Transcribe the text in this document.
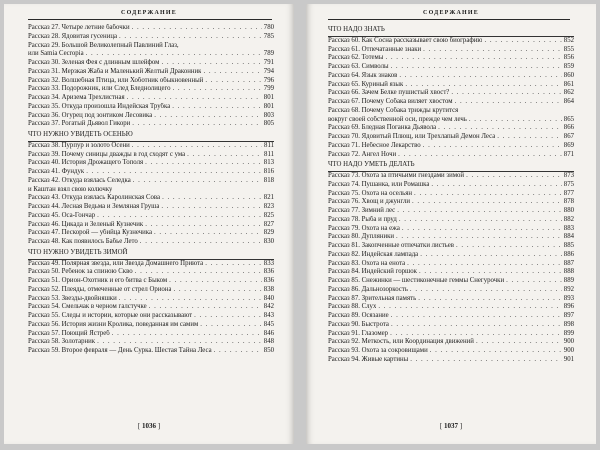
СОДЕРЖАНИЕ
Рассказ 27. Четыре летние бабочки . . .	780
Рассказ 28. Ядовитая гусеница . . .	785
Рассказ 29. Большой Великолепный Павлиний Глаз,
или Samia Cecropia . . .	789
Рассказ 30. Зеленая Фея с длинным шлейфом . . .	791
Рассказ 31. Мерзкая Жаба и Маленький Желтый Драконник . . .	794
Рассказ 32. Волшебная Птица, или Хоботник обыкновенный . . .	796
Рассказ 33. Подорожник, или След Бледнолицего . . .	799
Рассказ 34. Аризема Трехлистная . . .	801
Рассказ 35. Откуда произошла Индейская Трубка . . .	801
Рассказ 36. Огурец под зонтиком Лесовика . . .	803
Рассказ 37. Рогатый Дьявол Гикори . . .	805
ЧТО НУЖНО УВИДЕТЬ ОСЕНЬЮ
Рассказ 38. Пурпур и золото Осени . . .	811
Рассказ 39. Почему синицы дважды в год сходят с ума . . .	811
Рассказ 40. История Дрожащего Тополя . . .	813
Рассказ 41. Фундук . . .	816
Рассказ 42. Откуда взялась Селедка . . .	818
и Каштан взял свою колючку
Рассказ 43. Откуда взялась Каролинская Сова . . .	821
Рассказ 44. Лесная Ведьма и Земляная Груша . . .	823
Рассказ 45. Оса-Гончар . . .	825
Рассказ 46. Цикада и Зеленый Кузнечик . . .	827
Рассказ 47. Пескорой — убийца Кузнечика . . .	829
Рассказ 48. Как появилось Бабье Лето . . .	830
ЧТО НУЖНО УВИДЕТЬ ЗИМОЙ
Рассказ 49. Полярная звезда, или Звезда Домашнего Приюта . . .	833
Рассказ 50. Ребенок за спиною Скво . . .	836
Рассказ 51. Орион-Охотник и его битва с Быком . . .	836
Рассказ 52. Плеяды, отмеченные от стрел Ориона . . .	838
Рассказ 53. Звезды-двойняшки . . .	840
Рассказ 54. Смельчак в черном галстучке . . .	842
Рассказ 55. Следы и истории, которые они рассказывают . . .	843
Рассказ 56. История жизни Кролика, поведанная им самим . . .	845
Рассказ 57. Поющий Ястреб . . .	846
Рассказ 58. Золотарник . . .	848
Рассказ 59. Второе февраля — День Сурка. Шестая Тайна Леса . . .	850
[ 1036 ]
СОДЕРЖАНИЕ
ЧТО НАДО ЗНАТЬ
Рассказ 60. Как Сосна рассказывает свою биографию . . .	852
Рассказ 61. Отпечатанные знаки . . .	855
Рассказ 62. Тотемы . . .	856
Рассказ 63. Символы . . .	859
Рассказ 64. Язык знаков . . .	860
Рассказ 65. Куриный язык . . .	861
Рассказ 66. Зачем Белке пушистый хвост? . . .	862
Рассказ 67. Почему Собака виляет хвостом . . .	864
Рассказ 68. Почему Собака трижды крутится
вокруг своей собственной оси, прежде чем лечь . . .	865
Рассказ 69. Бледная Поганка Дьявола . . .	866
Рассказ 70. Ядовитый Плющ, или Трехлапый Демон Леса . . .	867
Рассказ 71. Небесное Лекарство . . .	869
Рассказ 72. Ангел Ночи . . .	871
ЧТО НАДО УМЕТЬ ДЕЛАТЬ
Рассказ 73. Охота за птичьими гнездами зимой . . .	873
Рассказ 74. Пушанка, или Ромашка . . .	875
Рассказ 75. Охота на осельян . . .	877
Рассказ 76. Хвощ и джунгли . . .	878
Рассказ 77. Зимний лес . . .	880
Рассказ 78. Рыба и пруд . . .	882
Рассказ 79. Охота на ежа . . .	883
Рассказ 80. Дупляники . . .	884
Рассказ 81. Закопченные отпечатки листьев . . .	885
Рассказ 82. Индейская лампада . . .	886
Рассказ 83. Охота на енота . . .	887
Рассказ 84. Индейский горшок . . .	888
Рассказ 85. Снежинки — шестиконечные геммы Снегурочки . . .	889
Рассказ 86. Дальнозоркость . . .	892
Рассказ 87. Зрительная память . . .	893
Рассказ 88. Слух . . .	896
Рассказ 89. Осязание . . .	897
Рассказ 90. Быстрота . . .	898
Рассказ 91. Глазомер . . .	899
Рассказ 92. Меткость, или Координация движений . . .	900
Рассказ 93. Охота за сокровищами . . .	900
Рассказ 94. Живые картины . . .	901
[ 1037 ]
